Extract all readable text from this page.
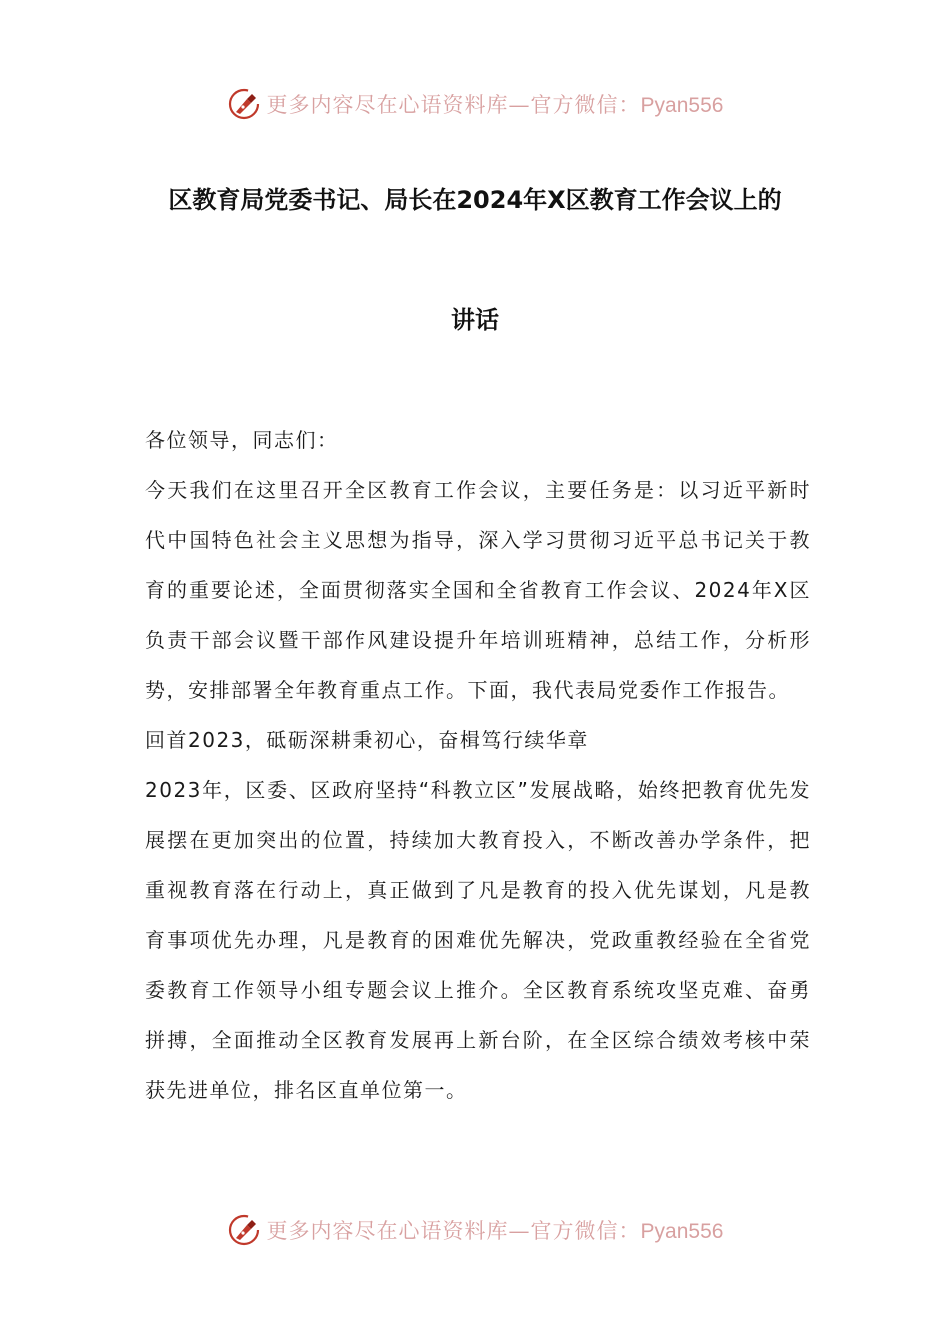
更多内容尽在心语资料库—官方微信：Pyan556
区教育局党委书记、局长在2024年X区教育工作会议上的
讲话

各位领导，同志们：

今天我们在这里召开全区教育工作会议，主要任务是：以习近平新时代中国特色社会主义思想为指导，深入学习贯彻习近平总书记关于教育的重要论述，全面贯彻落实全国和全省教育工作会议、2024年X区负责干部会议暨干部作风建设提升年培训班精神，总结工作，分析形势，安排部署全年教育重点工作。下面，我代表局党委作工作报告。

回首2023，砥砺深耕秉初心，奋楫笃行续华章

2023年，区委、区政府坚持“科教立区”发展战略，始终把教育优先发展摆在更加突出的位置，持续加大教育投入，不断改善办学条件，把重视教育落在行动上，真正做到了凡是教育的投入优先谋划，凡是教育事项优先办理，凡是教育的困难优先解决，党政重教经验在全省党委教育工作领导小组专题会议上推介。全区教育系统攻坚克难、奋勇拼搏，全面推动全区教育发展再上新台阶，在全区综合绩效考核中荣获先进单位，排名区直单位第一。

更多内容尽在心语资料库—官方微信：Pyan556
